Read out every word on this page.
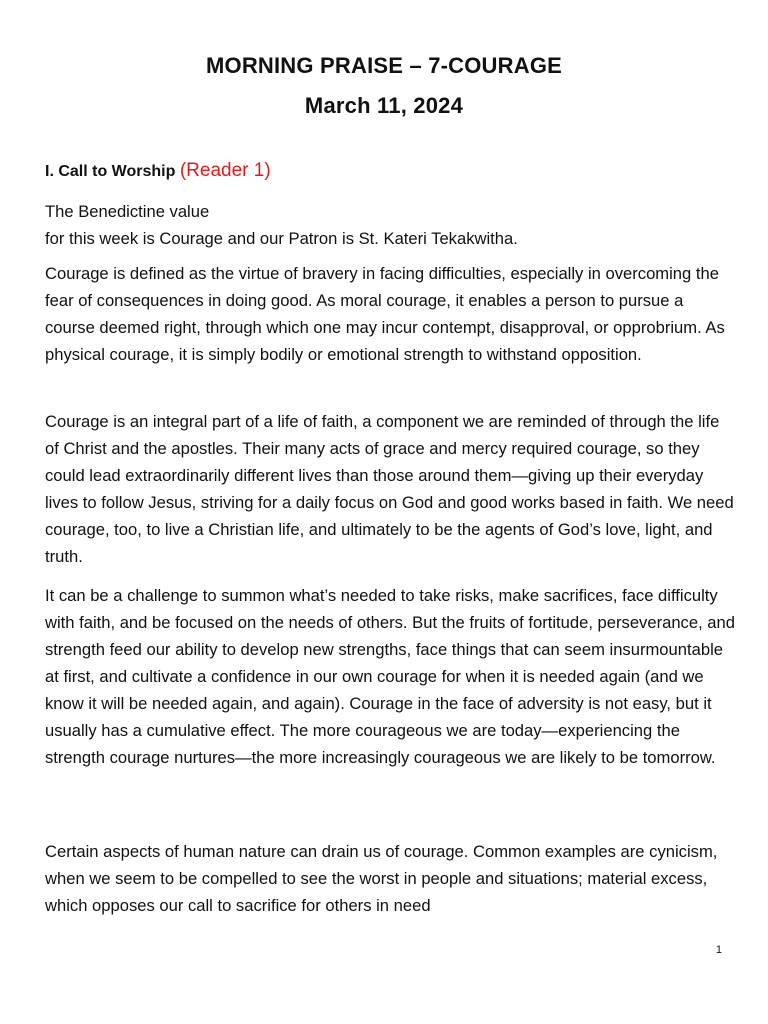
MORNING PRAISE – 7-COURAGE
March 11, 2024
I. Call to Worship (Reader 1)

The Benedictine value
for this week is Courage and our Patron is St. Kateri Tekakwitha.

Courage is defined as the virtue of bravery in facing difficulties, especially in overcoming the fear of consequences in doing good. As moral courage, it enables a person to pursue a course deemed right, through which one may incur contempt, disapproval, or opprobrium. As physical courage, it is simply bodily or emotional strength to withstand opposition.

Courage is an integral part of a life of faith, a component we are reminded of through the life of Christ and the apostles. Their many acts of grace and mercy required courage, so they could lead extraordinarily different lives than those around them—giving up their everyday lives to follow Jesus, striving for a daily focus on God and good works based in faith. We need courage, too, to live a Christian life, and ultimately to be the agents of God’s love, light, and truth.

It can be a challenge to summon what’s needed to take risks, make sacrifices, face difficulty with faith, and be focused on the needs of others. But the fruits of fortitude, perseverance, and strength feed our ability to develop new strengths, face things that can seem insurmountable at first, and cultivate a confidence in our own courage for when it is needed again (and we know it will be needed again, and again). Courage in the face of adversity is not easy, but it usually has a cumulative effect. The more courageous we are today—experiencing the strength courage nurtures—the more increasingly courageous we are likely to be tomorrow.

Certain aspects of human nature can drain us of courage. Common examples are cynicism, when we seem to be compelled to see the worst in people and situations; material excess, which opposes our call to sacrifice for others in need

1
